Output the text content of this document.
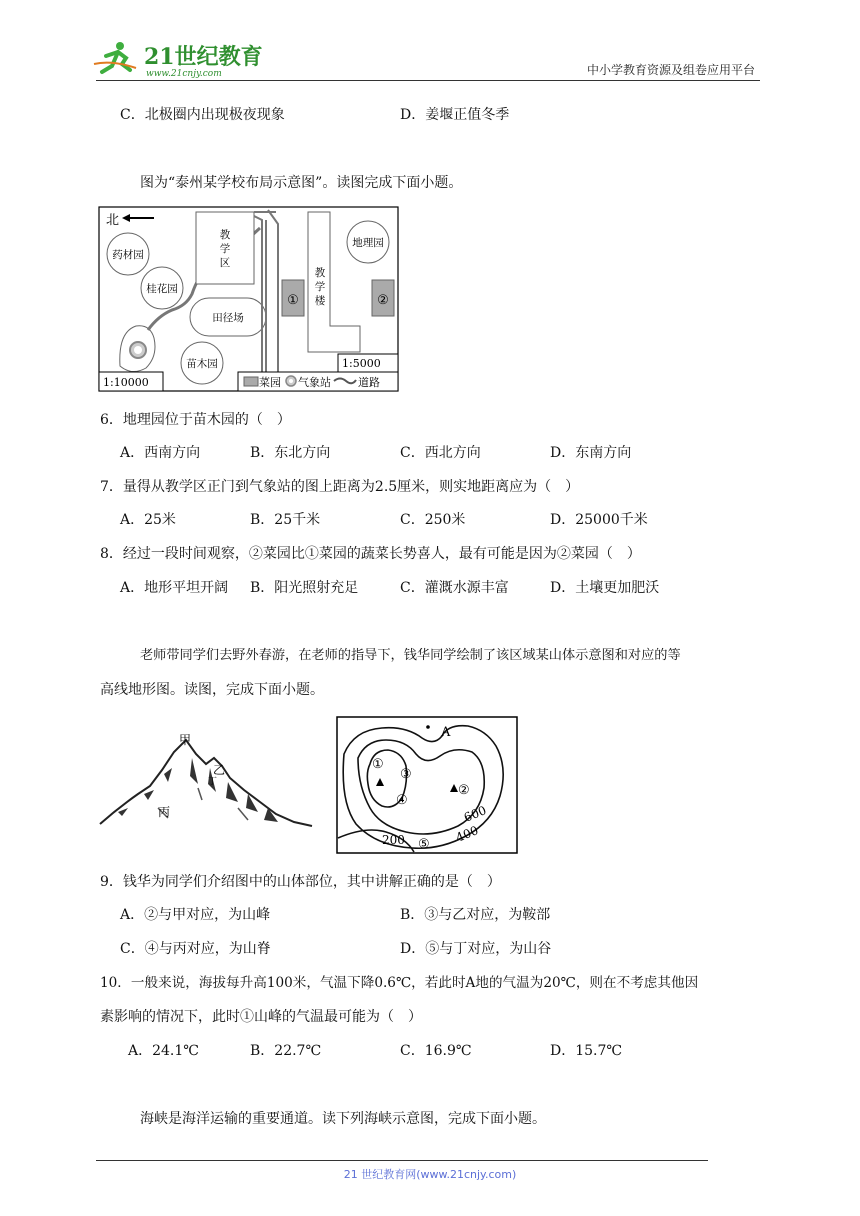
21世纪教育
www.21cnjy.com	中小学教育资源及组卷应用平台
C．北极圈内出现极夜现象	D．姜堰正值冬季
图为“泰州某学校布局示意图”。读图完成下面小题。
北
药材园
桂花园
田径场
苗木园
教
学
区
①
教
学
楼
地理园
②
1:10000
1:5000
菜园 气象站 道路
6．地理园位于苗木园的（　）
A．西南方向	B．东北方向	C．西北方向	D．东南方向
7．量得从教学区正门到气象站的图上距离为2.5厘米，则实地距离应为（　）
A．25米	B．25千米	C．250米	D．25000千米
8．经过一段时间观察，②菜园比①菜园的蔬菜长势喜人，最有可能是因为②菜园（　）
A．地形平坦开阔 B．阳光照射充足	C．灌溉水源丰富	D．土壤更加肥沃
老师带同学们去野外春游，在老师的指导下，钱华同学绘制了该区域某山体示意图和对应的等
高线地形图。读图，完成下面小题。
甲
乙
丙
丁
A
①
②
③
④
⑤
600
400
200
9．钱华为同学们介绍图中的山体部位，其中讲解正确的是（　）
A．②与甲对应，为山峰	B．③与乙对应，为鞍部
C．④与丙对应，为山脊	D．⑤与丁对应，为山谷
10．一般来说，海拔每升高100米，气温下降0.6℃，若此时A地的气温为20℃，则在不考虑其他因
素影响的情况下，此时①山峰的气温最可能为（　）
A．24.1℃	B．22.7℃	C．16.9℃	D．15.7℃
海峡是海洋运输的重要通道。读下列海峡示意图，完成下面小题。
21 世纪教育网(www.21cnjy.com)
